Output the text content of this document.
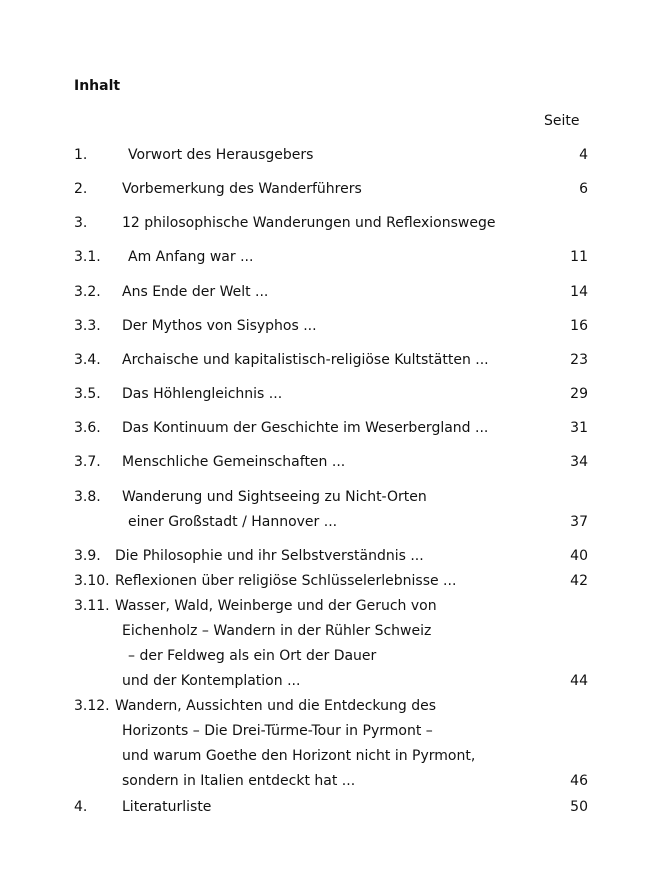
Inhalt
Seite
1.	Vorwort des Herausgebers	4
2. Vorbemerkung des Wanderführers	6
3. 12 philosophische Wanderungen und Reflexionswege
3.1. Am Anfang war ...	11
3.2. Ans Ende der Welt ...	14
3.3. Der Mythos von Sisyphos ...	16
3.4. Archaische und kapitalistisch-religiöse Kultstätten ...	23
3.5. Das Höhlengleichnis ...	29
3.6. Das Kontinuum der Geschichte im Weserbergland ...	31
3.7. Menschliche Gemeinschaften ...	34
3.8. Wanderung und Sightseeing zu Nicht-Orten
einer Großstadt / Hannover ...	37
3.9. Die Philosophie und ihr Selbstverständnis ...	40
3.10. Reflexionen über religiöse Schlüsselerlebnisse ...	42
3.11. Wasser, Wald, Weinberge und der Geruch von
Eichenholz – Wandern in der Rühler Schweiz
– der Feldweg als ein Ort der Dauer
und der Kontemplation ...	44
3.12. Wandern, Aussichten und die Entdeckung des
Horizonts – Die Drei-Türme-Tour in Pyrmont –
und warum Goethe den Horizont nicht in Pyrmont,
sondern in Italien entdeckt hat ...	46
4. Literaturliste	50
